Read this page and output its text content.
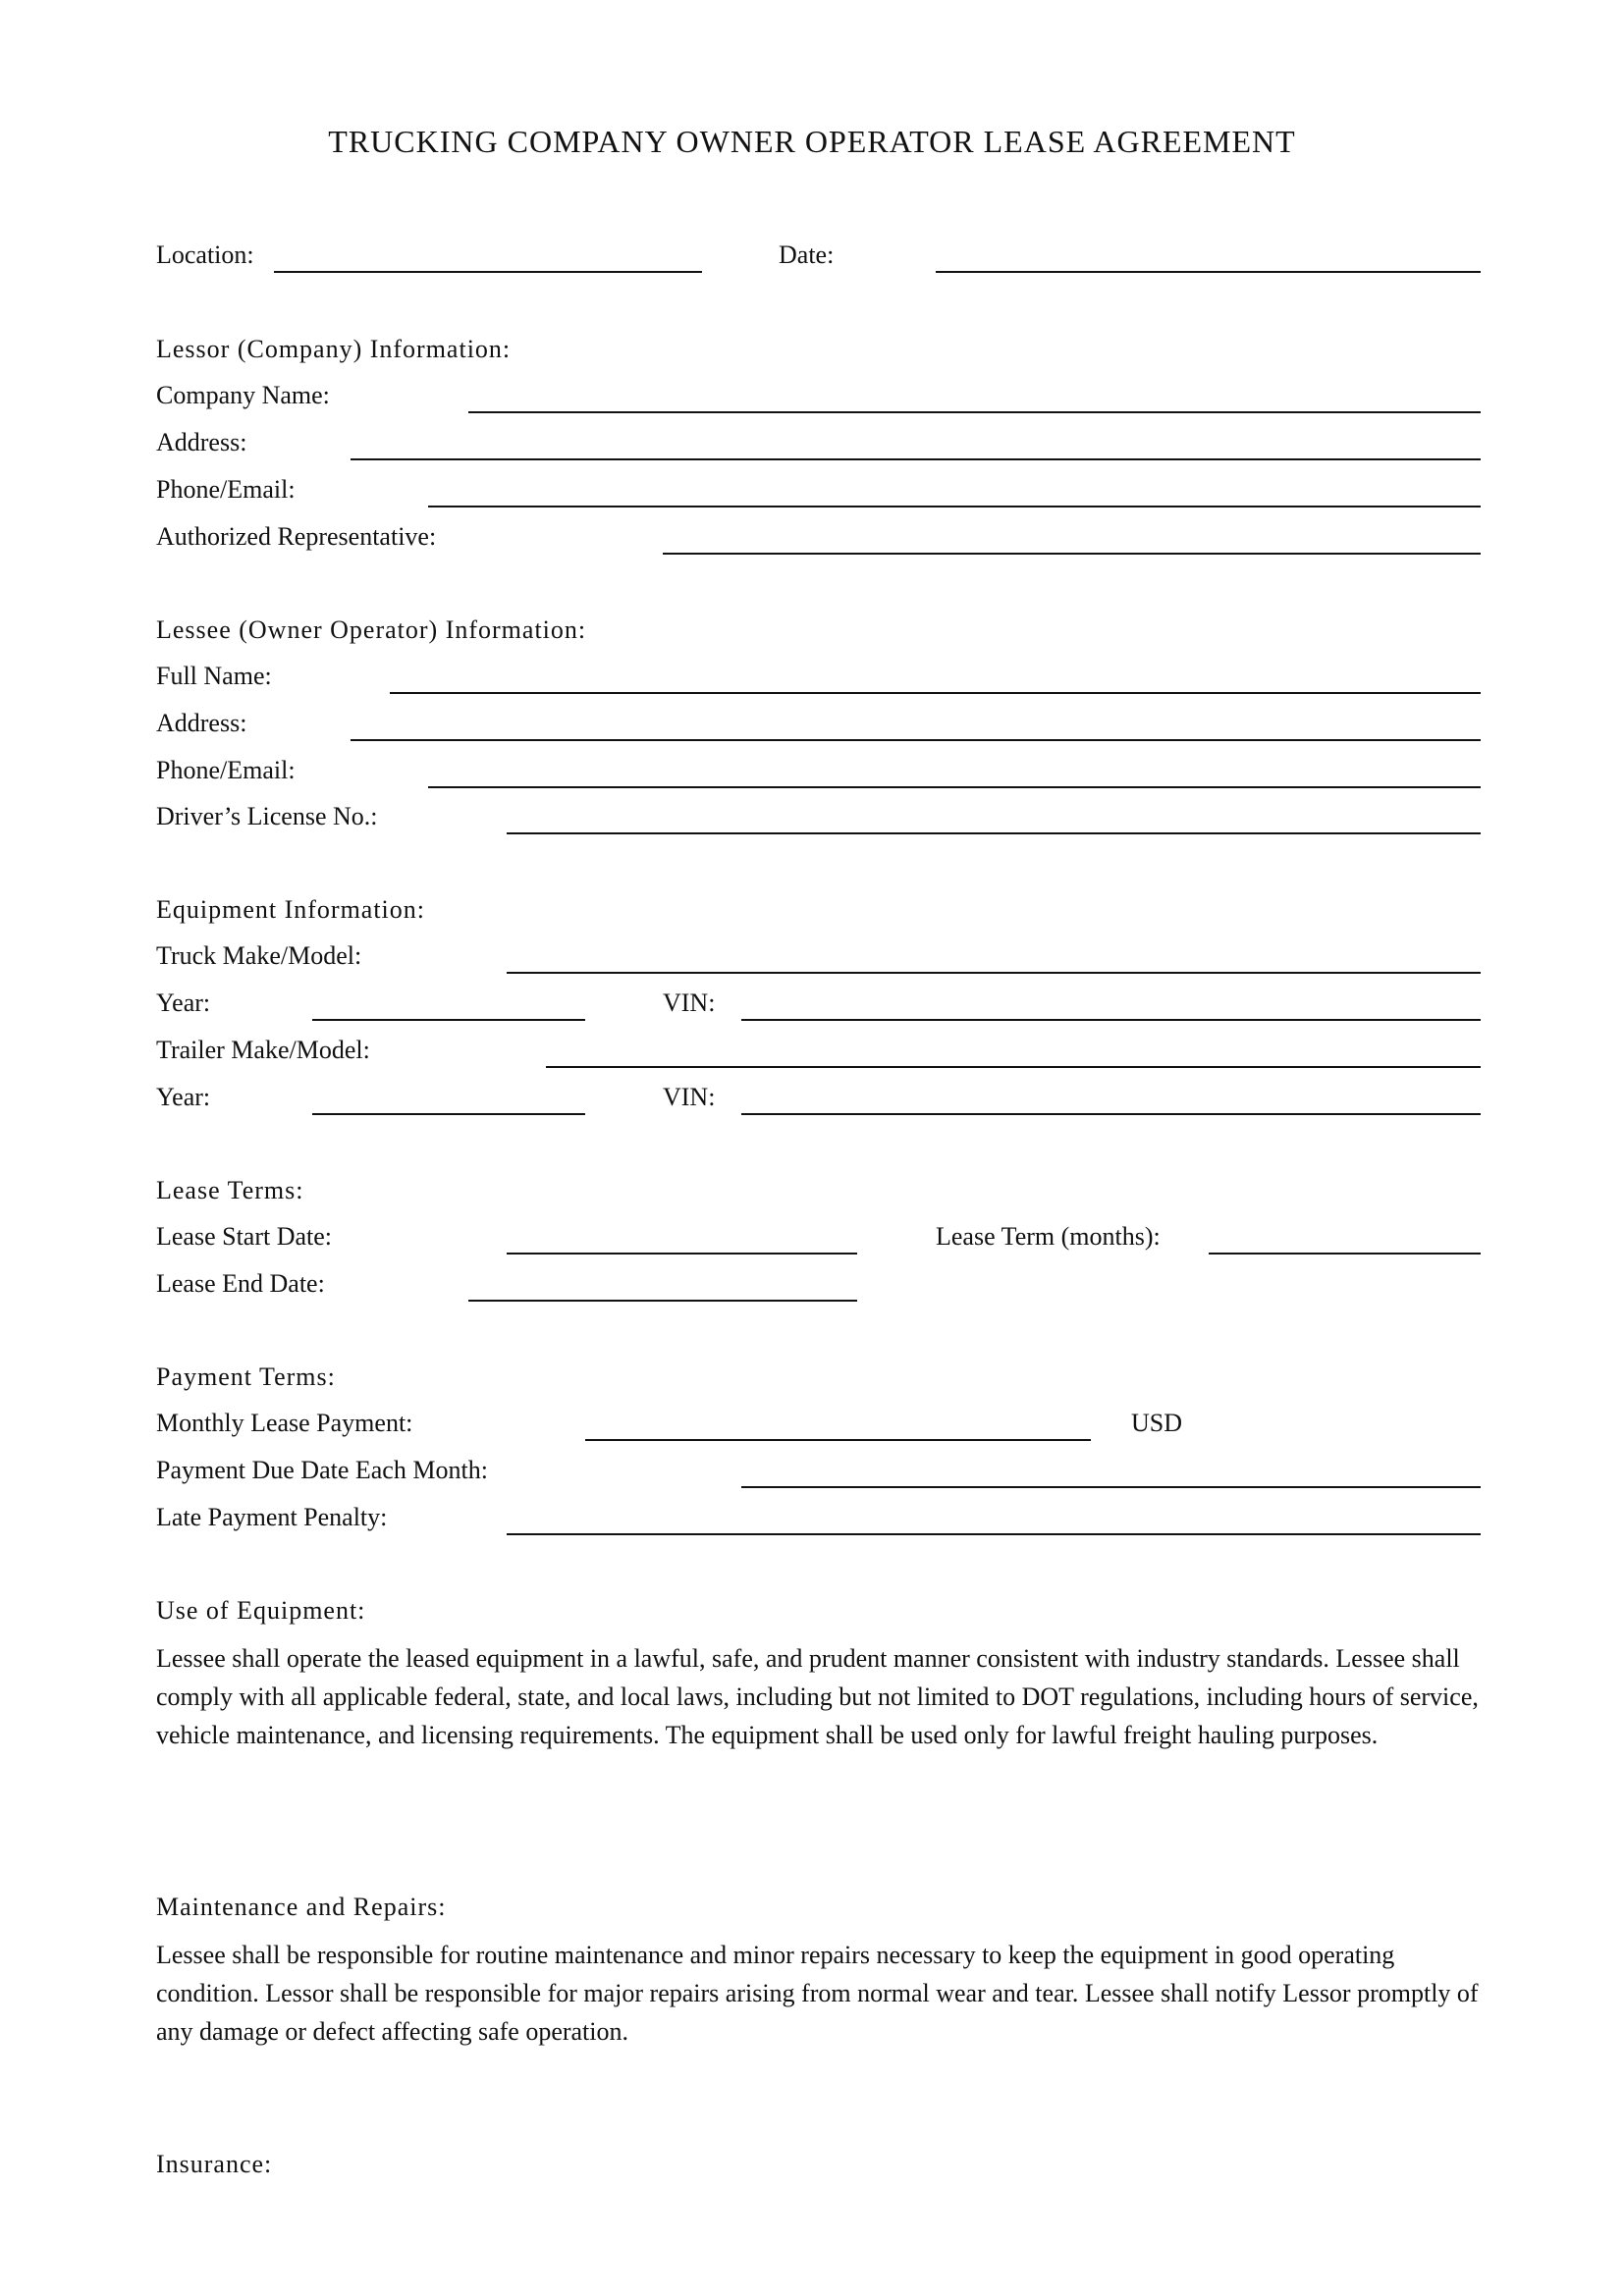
TRUCKING COMPANY OWNER OPERATOR LEASE AGREEMENT
Location:	Date:
Lessor (Company) Information:
Company Name:
Address:
Phone/Email:
Authorized Representative:
Lessee (Owner Operator) Information:
Full Name:
Address:
Phone/Email:
Driver’s License No.:
Equipment Information:
Truck Make/Model:
Year:	VIN:
Trailer Make/Model:
Year:	VIN:
Lease Terms:
Lease Start Date:	Lease Term (months):
Lease End Date:
Payment Terms:
Monthly Lease Payment:	USD
Payment Due Date Each Month:
Late Payment Penalty:
Use of Equipment:
Lessee shall operate the leased equipment in a lawful, safe, and prudent manner consistent with industry standards. Lessee shall comply with all applicable federal, state, and local laws, including but not limited to DOT regulations, including hours of service, vehicle maintenance, and licensing requirements. The equipment shall be used only for lawful freight hauling purposes.
Maintenance and Repairs:
Lessee shall be responsible for routine maintenance and minor repairs necessary to keep the equipment in good operating condition. Lessor shall be responsible for major repairs arising from normal wear and tear. Lessee shall notify Lessor promptly of any damage or defect affecting safe operation.
Insurance:
